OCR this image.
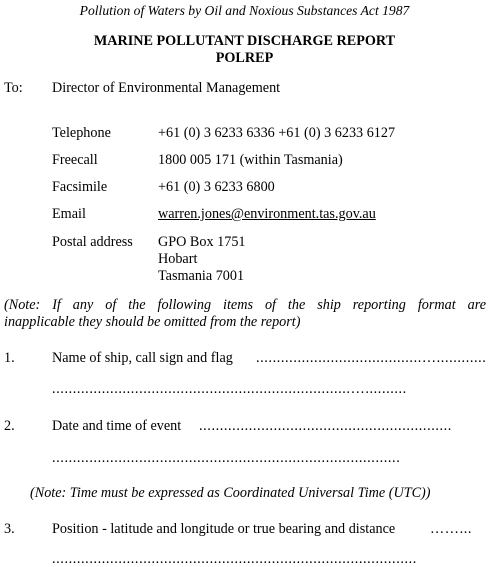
Pollution of Waters by Oil and Noxious Substances Act 1987
MARINE POLLUTANT DISCHARGE REPORT
POLREP
To: Director of Environmental Management
Telephone	+61 (0) 3 6233 6336 +61 (0) 3 6233 6127
Freecall	1800 005 171 (within Tasmania)
Facsimile	+61 (0) 3 6233 6800
Email	warren.jones@environment.tas.gov.au
Postal address GPO Box 1751
Hobart
Tasmania 7001
(Note: If any of the following items of the ship reporting format are
inapplicable they should be omitted from the report)
1.	Name of ship, call sign and flag ........................................…............
........................................................................…..........
2.	Date and time of event .............................................................
....................................................................................
(Note: Time must be expressed as Coordinated Universal Time (UTC))
3.	Position - latitude and longitude or true bearing and distance ……...
........................................................................................
